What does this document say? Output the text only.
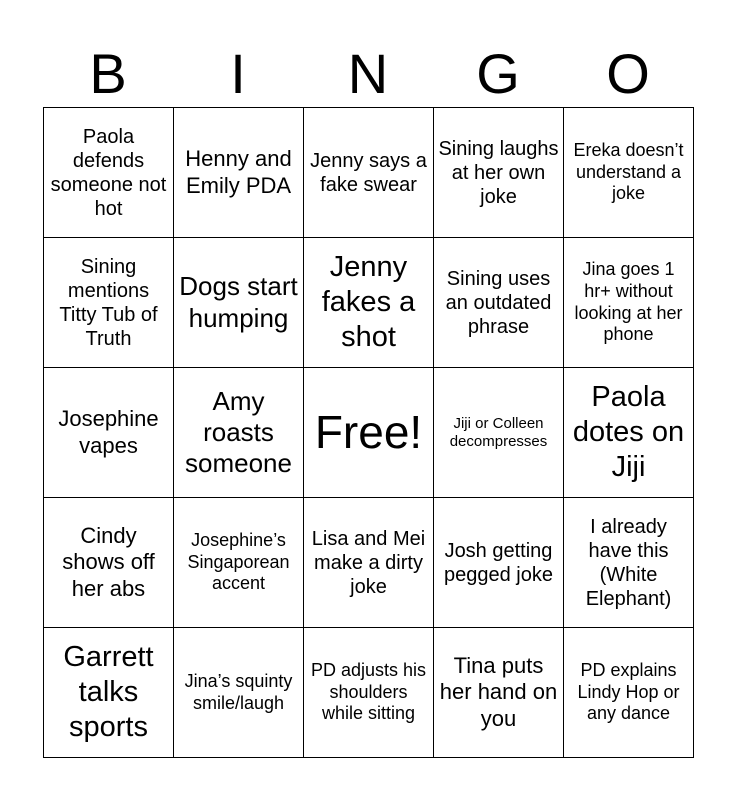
B	I	N	G	O
Paola defends someone not hot	Henny and Emily PDA	Jenny says a fake swear	Sining laughs at her own joke	Ereka doesn’t understand a joke
Sining mentions Titty Tub of Truth	Dogs start humping	Jenny fakes a shot	Sining uses an outdated phrase	Jina goes 1 hr+ without looking at her phone
Josephine vapes	Amy roasts someone	Free!	Jiji or Colleen decompresses	Paola dotes on Jiji
Cindy shows off her abs	Josephine’s Singaporean accent	Lisa and Mei make a dirty joke	Josh getting pegged joke	I already have this (White Elephant)
Garrett talks sports	Jina’s squinty smile/laugh	PD adjusts his shoulders while sitting	Tina puts her hand on you	PD explains Lindy Hop or any dance
